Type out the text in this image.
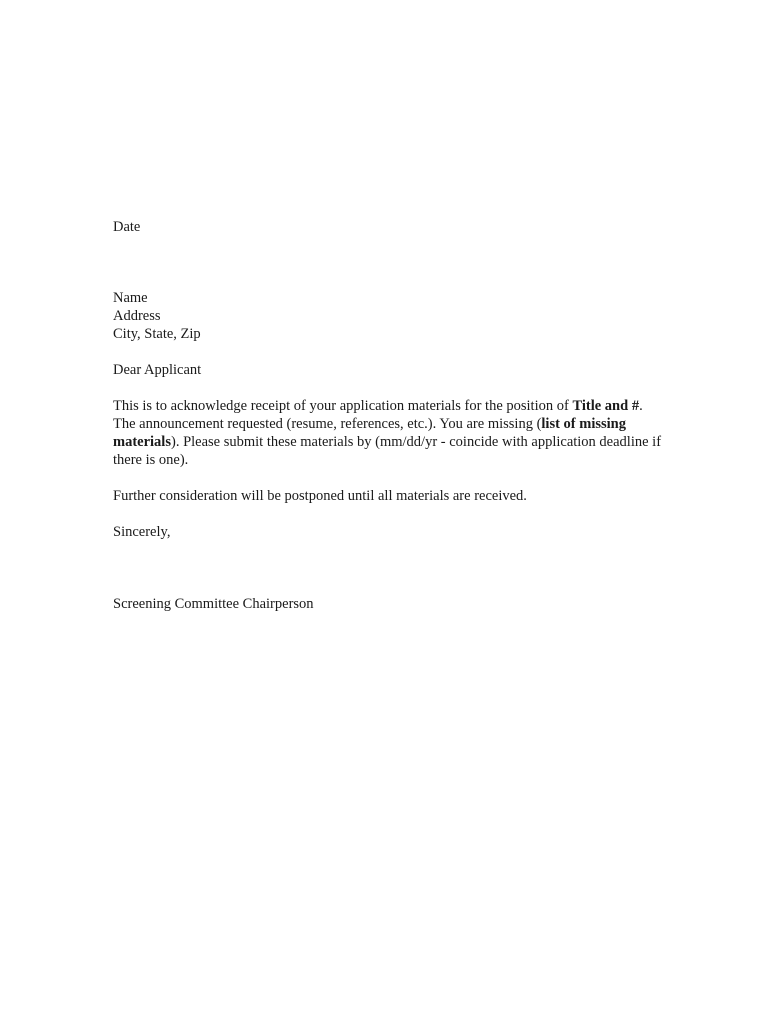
Date
Name
Address
City, State, Zip
Dear Applicant

This is to acknowledge receipt of your application materials for the position of Title and #. The announcement requested (resume, references, etc.). You are missing (list of missing materials). Please submit these materials by (mm/dd/yr - coincide with application deadline if there is one).

Further consideration will be postponed until all materials are received.

Sincerely,
Screening Committee Chairperson
